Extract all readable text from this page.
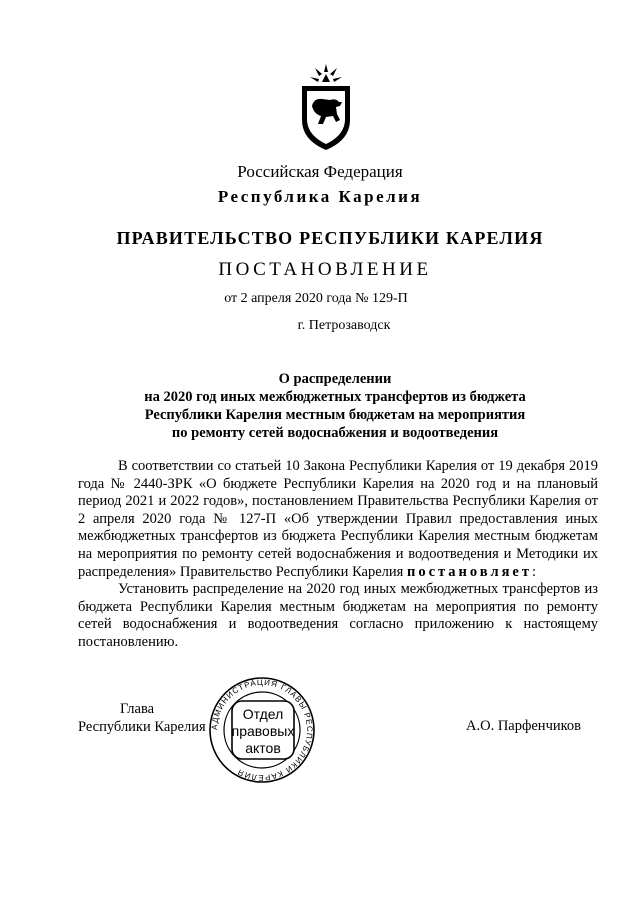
Российская Федерация
Республика Карелия
ПРАВИТЕЛЬСТВО РЕСПУБЛИКИ КАРЕЛИЯ
ПОСТАНОВЛЕНИЕ
от 2 апреля 2020 года № 129-П
г. Петрозаводск
О распределении
на 2020 год иных межбюджетных трансфертов из бюджета
Республики Карелия местным бюджетам на мероприятия
по ремонту сетей водоснабжения и водоотведения

В соответствии со статьей 10 Закона Республики Карелия от 19 декабря 2019 года № 2440-ЗРК «О бюджете Республики Карелия на 2020 год и на плановый период 2021 и 2022 годов», постановлением Правительства Республики Карелия от 2 апреля 2020 года № 127-П «Об утверждении Правил предоставления иных межбюджетных трансфертов из бюджета Республики Карелия местным бюджетам на мероприятия по ремонту сетей водоснабжения и водоотведения и Методики их распределения» Правительство Республики Карелия постановляет:

Установить распределение на 2020 год иных межбюджетных трансфертов из бюджета Республики Карелия местным бюджетам на мероприятия по ремонту сетей водоснабжения и водоотведения согласно приложению к настоящему постановлению.

Глава
Республики Карелия	А.О. Парфенчиков
АДМИНИСТРАЦИЯ ГЛАВЫ РЕСПУБЛИКИ КАРЕЛИЯ
Отдел
правовых
актов
